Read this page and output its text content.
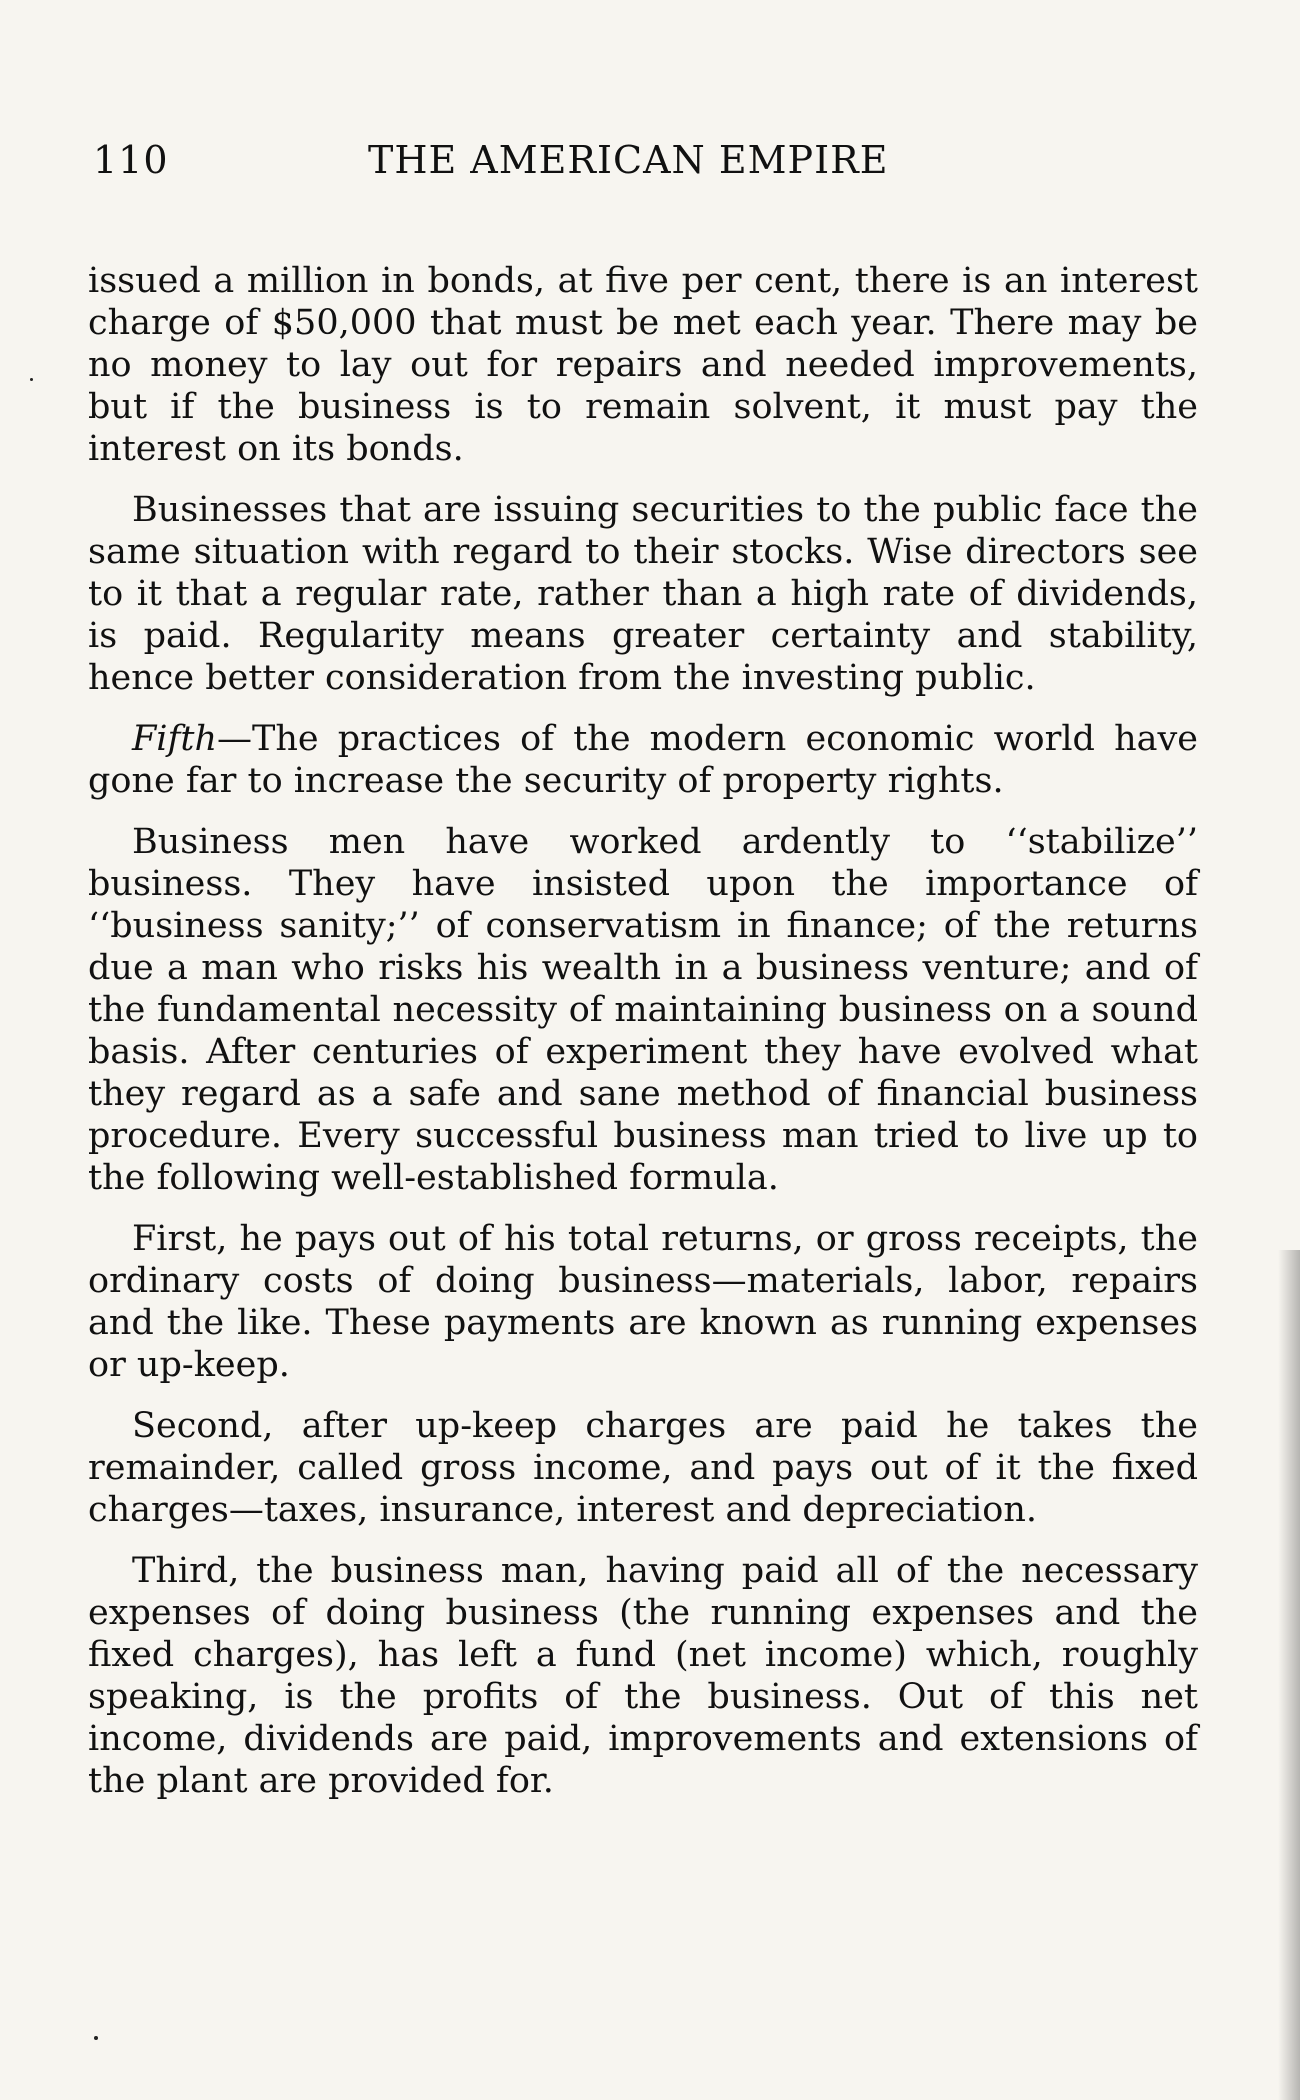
110	THE AMERICAN EMPIRE

issued a million in bonds, at five per cent, there is an interest charge of $50,000 that must be met each year. There may be no money to lay out for repairs and needed improvements, but if the business is to remain solvent, it must pay the interest on its bonds.

Businesses that are issuing securities to the public face the same situation with regard to their stocks. Wise directors see to it that a regular rate, rather than a high rate of dividends, is paid. Regularity means greater certainty and stability, hence better consideration from the investing public.

Fifth—The practices of the modern economic world have gone far to increase the security of property rights.

Business men have worked ardently to ‘‘stabilize’’ business. They have insisted upon the importance of ‘‘business sanity;’’ of conservatism in finance; of the returns due a man who risks his wealth in a business venture; and of the fundamental necessity of maintaining business on a sound basis. After centuries of experiment they have evolved what they regard as a safe and sane method of financial business procedure. Every successful business man tried to live up to the following well-established formula.

First, he pays out of his total returns, or gross receipts, the ordinary costs of doing business—materials, labor, repairs and the like. These payments are known as running expenses or up-keep.

Second, after up-keep charges are paid he takes the remainder, called gross income, and pays out of it the fixed charges—taxes, insurance, interest and depreciation.

Third, the business man, having paid all of the necessary expenses of doing business (the running expenses and the fixed charges), has left a fund (net income) which, roughly speaking, is the profits of the business. Out of this net income, dividends are paid, improvements and extensions of the plant are provided for.
